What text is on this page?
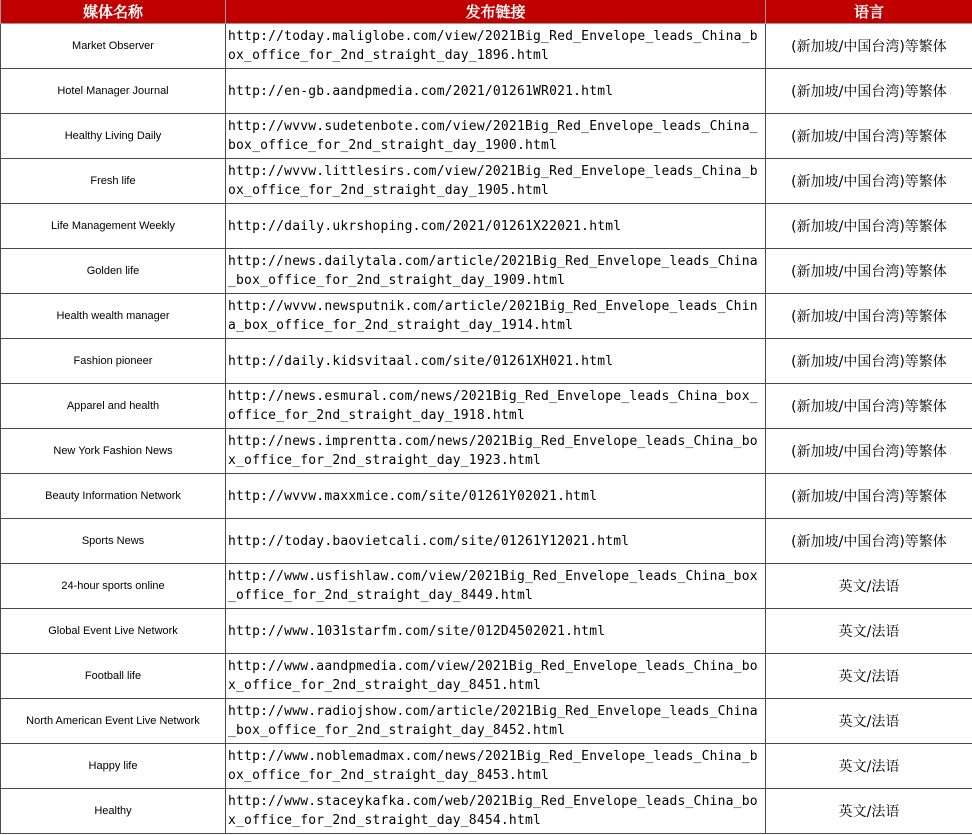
媒体名称	发布链接	语言

Market Observer	http://today.maliglobe.com/view/2021Big_Red_Envelope_leads_China_box_office_for_2nd_straight_day_1896.html	(新加坡/中国台湾)等繁体

Hotel Manager Journal	http://en-gb.aandpmedia.com/2021/01261WR021.html	(新加坡/中国台湾)等繁体

Healthy Living Daily	http://wvvw.sudetenbote.com/view/2021Big_Red_Envelope_leads_China_box_office_for_2nd_straight_day_1900.html	(新加坡/中国台湾)等繁体

Fresh life	http://wvvw.littlesirs.com/view/2021Big_Red_Envelope_leads_China_box_office_for_2nd_straight_day_1905.html	(新加坡/中国台湾)等繁体

Life Management Weekly	http://daily.ukrshoping.com/2021/01261X22021.html	(新加坡/中国台湾)等繁体

Golden life	http://news.dailytala.com/article/2021Big_Red_Envelope_leads_China_box_office_for_2nd_straight_day_1909.html	(新加坡/中国台湾)等繁体

Health wealth manager	http://wvvw.newsputnik.com/article/2021Big_Red_Envelope_leads_China_box_office_for_2nd_straight_day_1914.html	(新加坡/中国台湾)等繁体

Fashion pioneer	http://daily.kidsvitaal.com/site/01261XH021.html	(新加坡/中国台湾)等繁体

Apparel and health	http://news.esmural.com/news/2021Big_Red_Envelope_leads_China_box_office_for_2nd_straight_day_1918.html	(新加坡/中国台湾)等繁体

New York Fashion News	http://news.imprentta.com/news/2021Big_Red_Envelope_leads_China_box_office_for_2nd_straight_day_1923.html	(新加坡/中国台湾)等繁体

Beauty Information Network	http://wvvw.maxxmice.com/site/01261Y02021.html	(新加坡/中国台湾)等繁体

Sports News	http://today.baovietcali.com/site/01261Y12021.html	(新加坡/中国台湾)等繁体

24-hour sports online	http://www.usfishlaw.com/view/2021Big_Red_Envelope_leads_China_box_office_for_2nd_straight_day_8449.html	英文/法语

Global Event Live Network	http://www.1031starfm.com/site/012D4502021.html	英文/法语

Football life	http://www.aandpmedia.com/view/2021Big_Red_Envelope_leads_China_box_office_for_2nd_straight_day_8451.html	英文/法语

North American Event Live Network	http://www.radiojshow.com/article/2021Big_Red_Envelope_leads_China_box_office_for_2nd_straight_day_8452.html	英文/法语

Happy life	http://www.noblemadmax.com/news/2021Big_Red_Envelope_leads_China_box_office_for_2nd_straight_day_8453.html	英文/法语

Healthy	http://www.staceykafka.com/web/2021Big_Red_Envelope_leads_China_box_office_for_2nd_straight_day_8454.html	英文/法语
